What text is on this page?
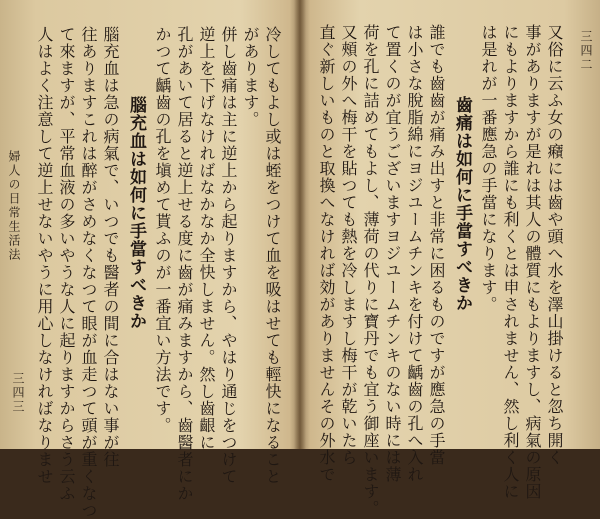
婦人の日常生活法
三四三	冷してもよし或は蛭をつけて血を吸はせても輕快になること
があります。
併し齒痛は主に逆上から起りますから、やはり通じをつけて
逆上を下げなければなかなか全快しません。然し齒齦に
孔があいて居ると逆上せる度に齒が痛みますから、齒醫者にか
かつて齲齒の孔を塡めて貰ふのが一番宜い方法です。
腦充血は如何に手當すべきか
腦充血は急の病氣で、いつでも醫者の間に合はない事が往
往ありますこれは醉がさめなくなつて眼が血走つて頭が重くなつ
て來ますが、平常血液の多いやうな人に起りますからさう云ふ
人はよく注意して逆上せないやうに用心しなければなりませ	三四二
又俗に云ふ女の癪には齒や頭へ水を澤山掛けると忽ち開く
事がありますが是れは其人の體質にもよりますし、病氣の原因
にもよりますから誰にも利くとは申されません、然し利く人に
は是れが一番應急の手當になります。
齒痛は如何に手當すべきか
誰でも齒齒が痛み出すと非常に困るものですが應急の手當
は小さな脫脂綿にヨジユームチンキを付けて齲齒の孔へ入れ
て置くのが宜うございますヨジユームチンキのない時には薄
荷を孔に詰めてもよし、薄荷の代りに寶丹でも宜う御座います。
又頰の外へ梅干を貼つても熱を冷しますし梅干が乾いたら
直ぐ新しいものと取換へなければ効がありませんその外水で
